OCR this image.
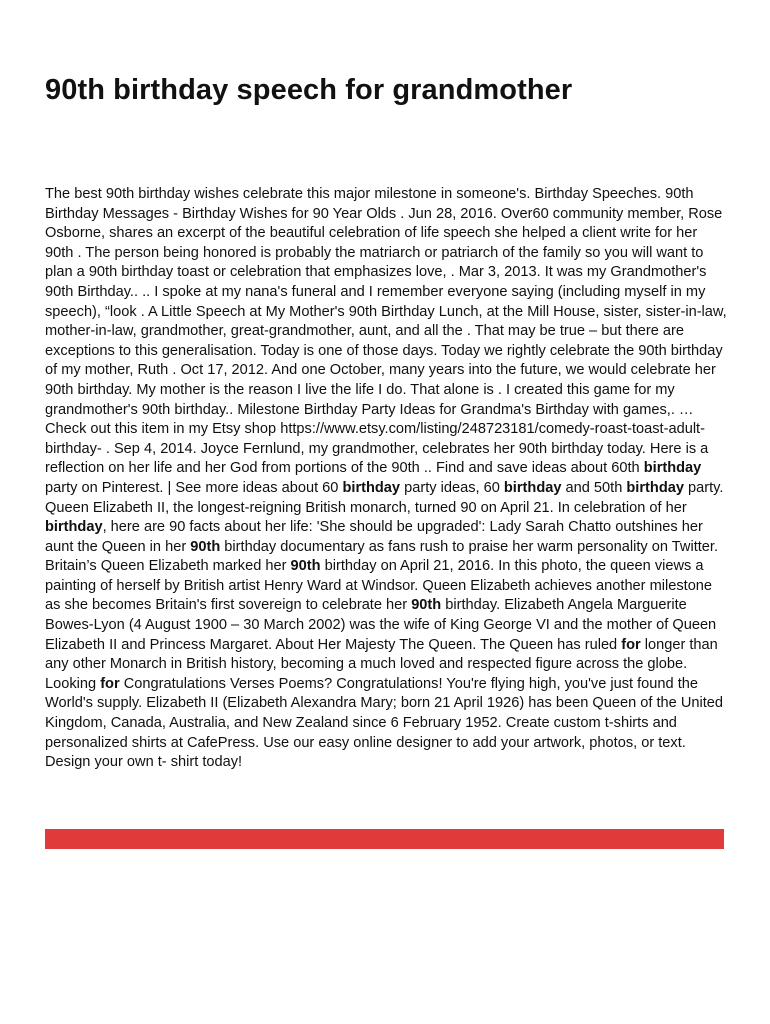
90th birthday speech for grandmother

The best 90th birthday wishes celebrate this major milestone in someone's. Birthday Speeches. 90th Birthday Messages - Birthday Wishes for 90 Year Olds . Jun 28, 2016. Over60 community member, Rose Osborne, shares an excerpt of the beautiful celebration of life speech she helped a client write for her 90th . The person being honored is probably the matriarch or patriarch of the family so you will want to plan a 90th birthday toast or celebration that emphasizes love, . Mar 3, 2013. It was my Grandmother's 90th Birthday.. .. I spoke at my nana's funeral and I remember everyone saying (including myself in my speech), “look . A Little Speech at My Mother's 90th Birthday Lunch, at the Mill House, sister, sister-in-law, mother-in-law, grandmother, great-grandmother, aunt, and all the . That may be true – but there are exceptions to this generalisation. Today is one of those days. Today we rightly celebrate the 90th birthday of my mother, Ruth . Oct 17, 2012. And one October, many years into the future, we would celebrate her 90th birthday. My mother is the reason I live the life I do. That alone is . I created this game for my grandmother's 90th birthday.. Milestone Birthday Party Ideas for Grandma's Birthday with games,. … Check out this item in my Etsy shop https://www.etsy.com/listing/248723181/comedy-roast-toast-adult-birthday- . Sep 4, 2014. Joyce Fernlund, my grandmother, celebrates her 90th birthday today. Here is a reflection on her life and her God from portions of the 90th .. Find and save ideas about 60th birthday party on Pinterest. | See more ideas about 60 birthday party ideas, 60 birthday and 50th birthday party. Queen Elizabeth II, the longest-reigning British monarch, turned 90 on April 21. In celebration of her birthday, here are 90 facts about her life: 'She should be upgraded': Lady Sarah Chatto outshines her aunt the Queen in her 90th birthday documentary as fans rush to praise her warm personality on Twitter. Britain’s Queen Elizabeth marked her 90th birthday on April 21, 2016. In this photo, the queen views a painting of herself by British artist Henry Ward at Windsor. Queen Elizabeth achieves another milestone as she becomes Britain's first sovereign to celebrate her 90th birthday. Elizabeth Angela Marguerite Bowes-Lyon (4 August 1900 – 30 March 2002) was the wife of King George VI and the mother of Queen Elizabeth II and Princess Margaret. About Her Majesty The Queen. The Queen has ruled for longer than any other Monarch in British history, becoming a much loved and respected figure across the globe. Looking for Congratulations Verses Poems? Congratulations! You're flying high, you've just found the World's supply. Elizabeth II (Elizabeth Alexandra Mary; born 21 April 1926) has been Queen of the United Kingdom, Canada, Australia, and New Zealand since 6 February 1952. Create custom t-shirts and personalized shirts at CafePress. Use our easy online designer to add your artwork, photos, or text. Design your own t- shirt today!
